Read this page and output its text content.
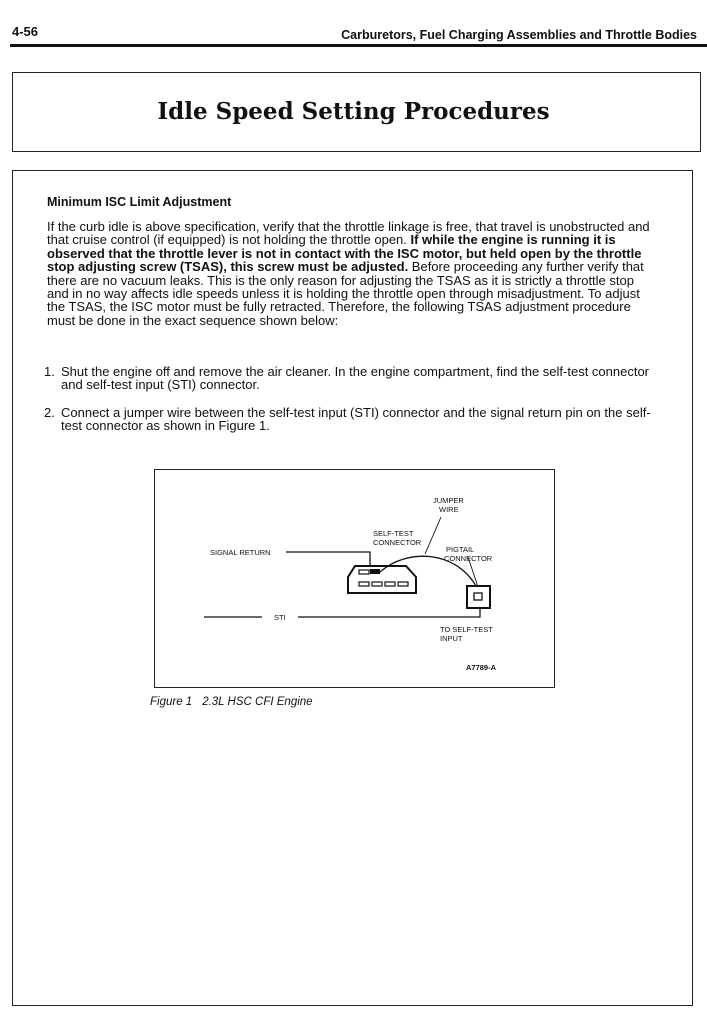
4-56	Carburetors, Fuel Charging Assemblies and Throttle Bodies
Idle Speed Setting Procedures
Minimum ISC Limit Adjustment

If the curb idle is above specification, verify that the throttle linkage is free, that travel is unobstructed and that cruise control (if equipped) is not holding the throttle open. If while the engine is running it is observed that the throttle lever is not in contact with the ISC motor, but held open by the throttle stop adjusting screw (TSAS), this screw must be adjusted. Before proceeding any further verify that there are no vacuum leaks. This is the only reason for adjusting the TSAS as it is strictly a throttle stop and in no way affects idle speeds unless it is holding the throttle open through misadjustment. To adjust the TSAS, the ISC motor must be fully retracted. Therefore, the following TSAS adjustment procedure must be done in the exact sequence shown below:

1. Shut the engine off and remove the air cleaner. In the engine compartment, find the self-test connector and self-test input (STI) connector.
2. Connect a jumper wire between the self-test input (STI) connector and the signal return pin on the self-test connector as shown in Figure 1.
JUMPER
WIRE
SELF-TEST
CONNECTOR
SIGNAL RETURN	PIGTAIL
CONNECTOR
STI
TO SELF-TEST
INPUT
A7789-A
Figure 1 2.3L HSC CFI Engine
